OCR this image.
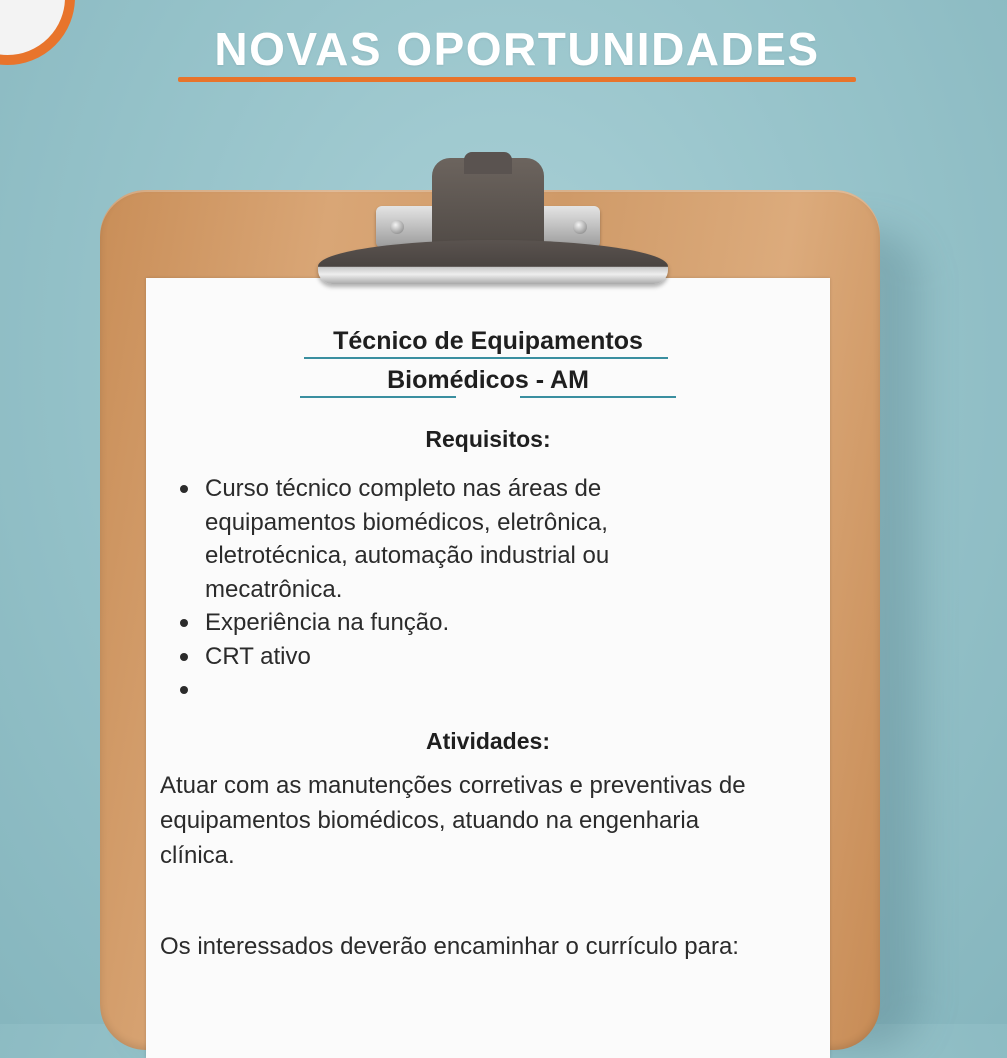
NOVAS OPORTUNIDADES
Técnico de Equipamentos
Biomédicos - AM
Requisitos:
Curso técnico completo nas áreas de equipamentos biomédicos, eletrônica, eletrotécnica, automação industrial ou mecatrônica.
Experiência na função.
CRT ativo
Atividades:
Atuar com as manutenções corretivas e preventivas de equipamentos biomédicos, atuando na engenharia clínica.
Os interessados deverão encaminhar o currículo para:
